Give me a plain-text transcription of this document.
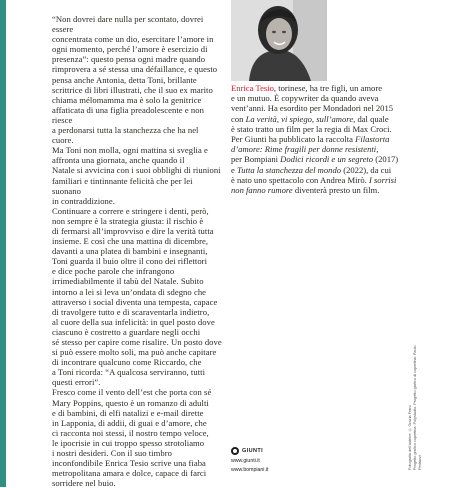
“Non dovrei dare nulla per scontato, dovrei essere
concentrata come un dio, esercitare l’amore in
ogni momento, perché l’amore è esercizio di
presenza”: questo pensa ogni madre quando
rimprovera a sé stessa una défaillance, e questo
pensa anche Antonia, detta Toni, brillante
scrittrice di libri illustrati, che il suo ex marito
chiama mélomamma ma è solo la genitrice
affaticata di una figlia preadolescente e non riesce
a perdonarsi tutta la stanchezza che ha nel cuore.
Ma Toni non molla, ogni mattina si sveglia e
affronta una giornata, anche quando il
Natale si avvicina con i suoi obblighi di riunioni
familiari e tintinnante felicità che per lei suonano
in contraddizione.
Continuare a correre e stringere i denti, però,
non sempre è la strategia giusta: il rischio è
di fermarsi all’improvviso e dire la verità tutta
insieme. E così che una mattina di dicembre,
davanti a una platea di bambini e insegnanti,
Toni guarda il buio oltre il cono dei riflettori
e dice poche parole che infrangono
irrimediabilmente il tabù del Natale. Subito
intorno a lei si leva un’ondata di sdegno che
attraverso i social diventa una tempesta, capace
di travolgere tutto e di scaraventarla indietro,
al cuore della sua infelicità: in quel posto dove
ciascuno è costretto a guardare negli occhi
sé stesso per capire come risalire. Un posto dove
si può essere molto soli, ma può anche capitare
di incontrare qualcuno come Riccardo, che
a Toni ricorda: “A qualcosa serviranno, tutti
questi errori”.
Fresco come il vento dell’est che porta con sé
Mary Poppins, questo è un romanzo di adulti
e di bambini, di elfi natalizi e e-mail dirette
in Lapponia, di addii, di guai e d’amore, che
ci racconta noi stessi, il nostro tempo veloce,
le ipocrisie in cui troppo spesso strotoliamo
i nostri desideri. Con il suo timbro
inconfondibile Enrica Tesio scrive una fiaba
metropolitana amara e dolce, capace di farci
sorridere nel buio.
Enrica Tesio, torinese, ha tre figli, un amore
e un mutuo. È copywriter da quando aveva
vent’anni. Ha esordito per Mondadori nel 2015
con La verità, vi spiego, sull’amore, dal quale
è stato tratto un film per la regia di Max Croci.
Per Giunti ha pubblicato la raccolta Filastorta
d’amore: Rime fragili per donne resistenti,
per Bompiani Dodici ricordi e un segreto (2017)
e Tutta la stanchezza del mondo (2022), da cui
è nato uno spettacolo con Andrea Mirò. I sorrisi
non fanno rumore diventerà presto un film.
Fotografia dell’autrice: © Grazia Ferro
Progetto grafico copertina: Polystudio. Progetto grafico di copertina: Paolo Pedrazzi
GIUNTI
www.giunti.it
www.bompiani.it
